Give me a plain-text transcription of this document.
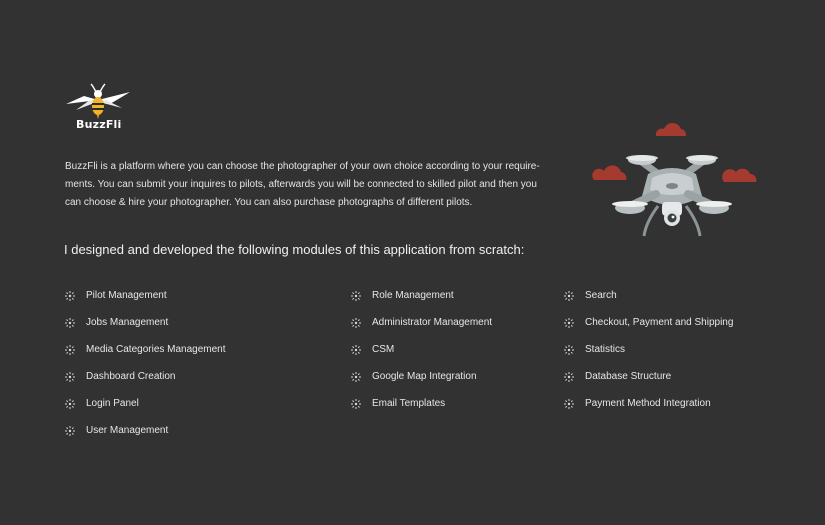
BuzzFli

BuzzFli is a platform where you can choose the photographer of your own choice according to your require-ments. You can submit your inquires to pilots, afterwards you will be connected to skilled pilot and then you can choose & hire your photographer. You can also purchase photographs of different pilots.

I designed and developed the following modules of this application from scratch:
Pilot Management
Jobs Management
Media Categories Management
Dashboard Creation
Login Panel
User Management
Role Management
Administrator Management
CSM
Google Map Integration
Email Templates
Search
Checkout, Payment and Shipping
Statistics
Database Structure
Payment Method Integration
